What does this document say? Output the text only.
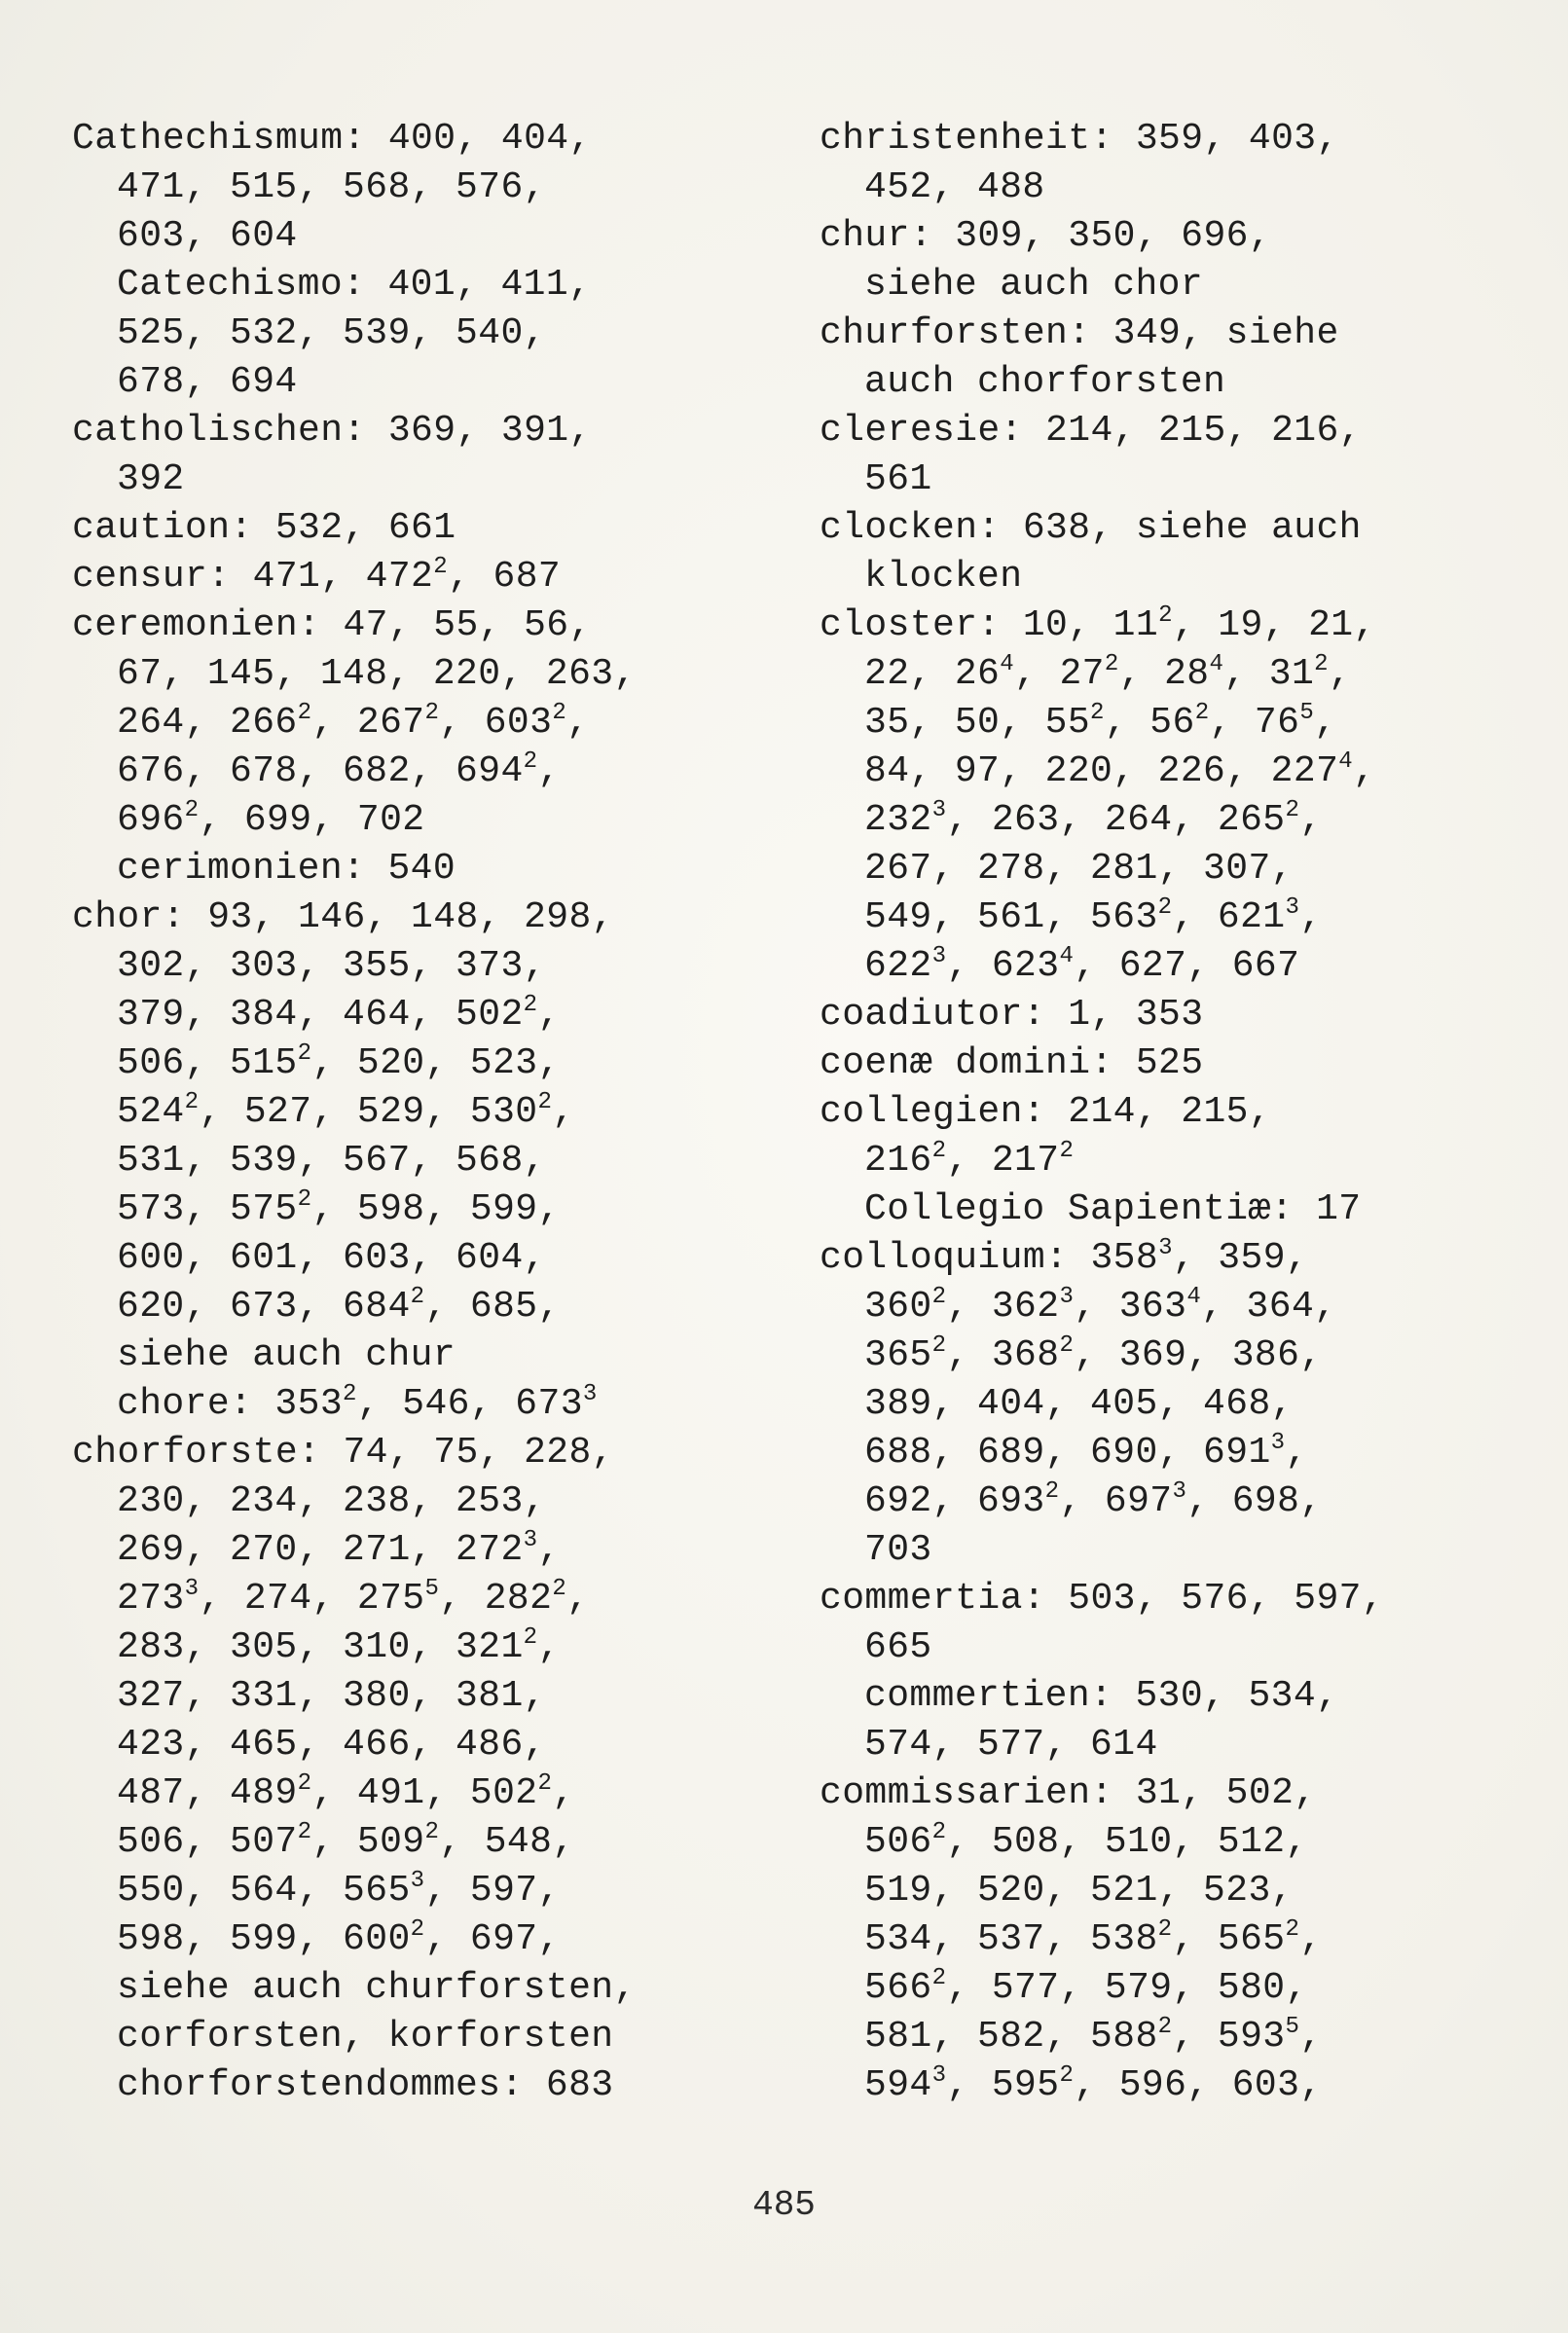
Cathechismum: 400, 404,
471, 515, 568, 576,
603, 604
Catechismo: 401, 411,
525, 532, 539, 540,
678, 694
catholischen: 369, 391,
392
caution: 532, 661
censur: 471, $472^2$, 687
ceremonien: 47, 55, 56,
67, 145, 148, 220, 263,
264, $266^2$, $267^2$, $603^2$,
676, 678, 682, $694^2$,
$696^2$, 699, 702
cerimonien: 540
chor: 93, 146, 148, 298,
302, 303, 355, 373,
379, 384, 464, $502^2$,
506, $515^2$, 520, 523,
$524^2$, 527, 529, $530^2$,
531, 539, 567, 568,
573, $575^2$, 598, 599,
600, 601, 603, 604,
620, 673, $684^2$, 685,
siehe auch chur
chore: $353^2$, 546, $673^3$
chorforste: 74, 75, 228,
230, 234, 238, 253,
269, 270, 271, $272^3$,
$273^3$, 274, $275^5$, $282^2$,
283, 305, 310, $321^2$,
327, 331, 380, 381,
423, 465, 466, 486,
487, $489^2$, 491, $502^2$,
506, $507^2$, $509^2$, 548,
550, 564, $565^3$, 597,
598, 599, $600^2$, 697,
siehe auch churforsten,
corforsten, korforsten
chorforstendommes: 683
christenheit: 359, 403,
452, 488
chur: 309, 350, 696,
siehe auch chor
churforsten: 349, siehe
auch chorforsten
cleresie: 214, 215, 216,
561
clocken: 638, siehe auch
klocken
closter: 10, $11^2$, 19, 21,
22, $26^4$, $27^2$, $28^4$, $31^2$,
35, 50, $55^2$, $56^2$, $76^5$,
84, 97, 220, 226, $227^4$,
$232^3$, 263, 264, $265^2$,
267, 278, 281, 307,
549, 561, $563^2$, $621^3$,
$622^3$, $623^4$, 627, 667
coadiutor: 1, 353
coenæ domini: 525
collegien: 214, 215,
$216^2$, $217^2$
Collegio Sapientiæ: 17
colloquium: $358^3$, 359,
$360^2$, $362^3$, $363^4$, 364,
$365^2$, $368^2$, 369, 386,
389, 404, 405, 468,
688, 689, 690, $691^3$,
692, $693^2$, $697^3$, 698,
703
commertia: 503, 576, 597,
665
commertien: 530, 534,
574, 577, 614
commissarien: 31, 502,
$506^2$, 508, 510, 512,
519, 520, 521, 523,
534, 537, $538^2$, $565^2$,
$566^2$, 577, 579, 580,
581, 582, $588^2$, $593^5$,
$594^3$, $595^2$, 596, 603,
485
